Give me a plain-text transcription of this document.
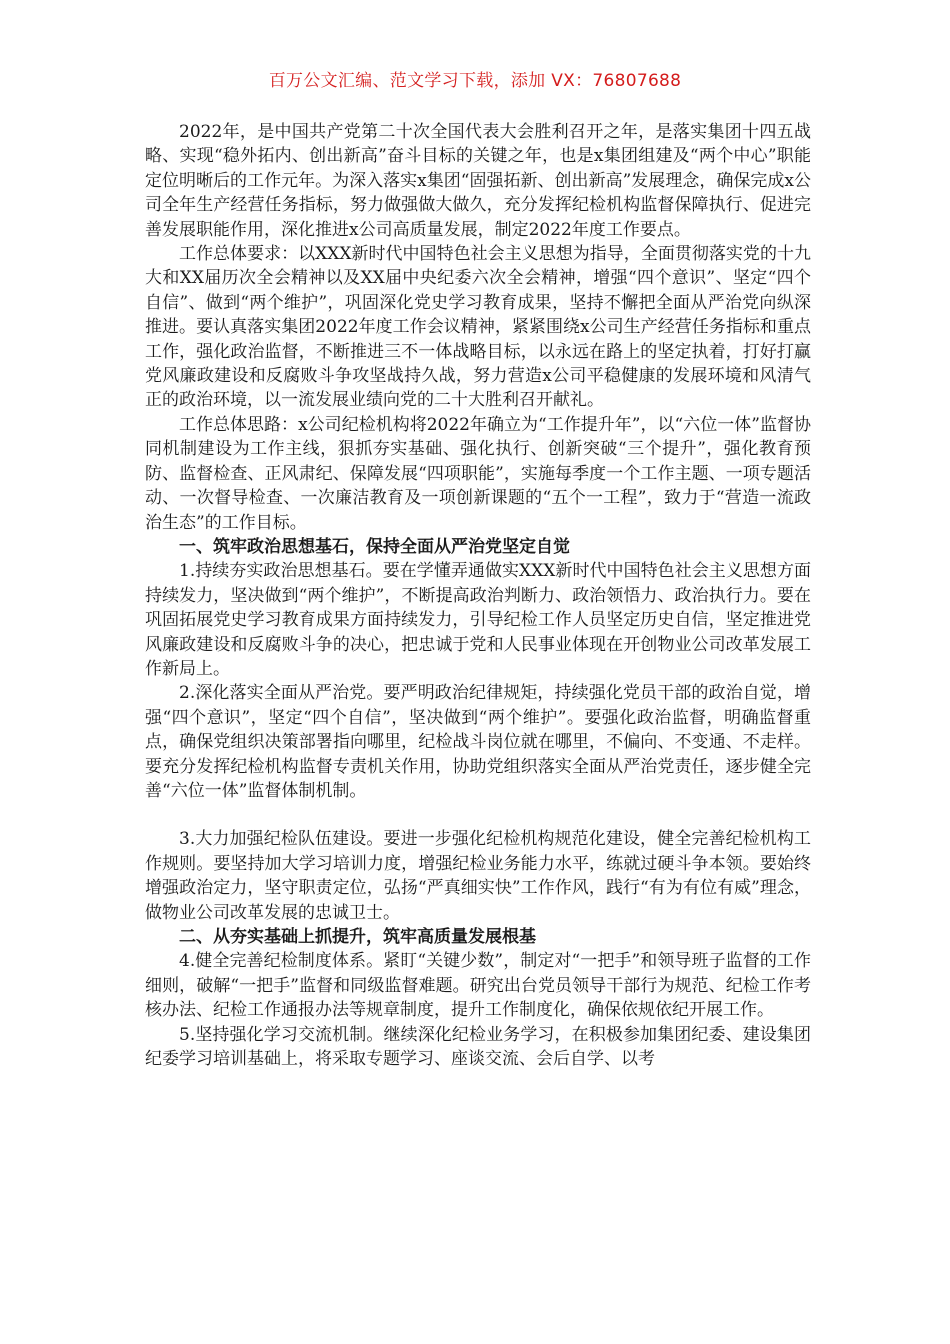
百万公文汇编、范文学习下载，添加 VX：76807688

2022年，是中国共产党第二十次全国代表大会胜利召开之年，是落实集团十四五战略、实现“稳外拓内、创出新高”奋斗目标的关键之年，也是x集团组建及“两个中心”职能定位明晰后的工作元年。为深入落实x集团“固强拓新、创出新高”发展理念，确保完成x公司全年生产经营任务指标，努力做强做大做久，充分发挥纪检机构监督保障执行、促进完善发展职能作用，深化推进x公司高质量发展，制定2022年度工作要点。

工作总体要求：以XXX新时代中国特色社会主义思想为指导，全面贯彻落实党的十九大和XX届历次全会精神以及XX届中央纪委六次全会精神，增强“四个意识”、坚定“四个自信”、做到“两个维护”，巩固深化党史学习教育成果，坚持不懈把全面从严治党向纵深推进。要认真落实集团2022年度工作会议精神，紧紧围绕x公司生产经营任务指标和重点工作，强化政治监督，不断推进三不一体战略目标，以永远在路上的坚定执着，打好打赢党风廉政建设和反腐败斗争攻坚战持久战，努力营造x公司平稳健康的发展环境和风清气正的政治环境，以一流发展业绩向党的二十大胜利召开献礼。

工作总体思路：x公司纪检机构将2022年确立为“工作提升年”，以“六位一体”监督协同机制建设为工作主线，狠抓夯实基础、强化执行、创新突破“三个提升”，强化教育预防、监督检查、正风肃纪、保障发展“四项职能”，实施每季度一个工作主题、一项专题活动、一次督导检查、一次廉洁教育及一项创新课题的“五个一工程”，致力于“营造一流政治生态”的工作目标。

一、筑牢政治思想基石，保持全面从严治党坚定自觉

1.持续夯实政治思想基石。要在学懂弄通做实XXX新时代中国特色社会主义思想方面持续发力，坚决做到“两个维护”，不断提高政治判断力、政治领悟力、政治执行力。要在巩固拓展党史学习教育成果方面持续发力，引导纪检工作人员坚定历史自信，坚定推进党风廉政建设和反腐败斗争的决心，把忠诚于党和人民事业体现在开创物业公司改革发展工作新局上。

2.深化落实全面从严治党。要严明政治纪律规矩，持续强化党员干部的政治自觉，增强“四个意识”，坚定“四个自信”，坚决做到“两个维护”。要强化政治监督，明确监督重点，确保党组织决策部署指向哪里，纪检战斗岗位就在哪里，不偏向、不变通、不走样。要充分发挥纪检机构监督专责机关作用，协助党组织落实全面从严治党责任，逐步健全完善“六位一体”监督体制机制。

3.大力加强纪检队伍建设。要进一步强化纪检机构规范化建设，健全完善纪检机构工作规则。要坚持加大学习培训力度，增强纪检业务能力水平，练就过硬斗争本领。要始终增强政治定力，坚守职责定位，弘扬“严真细实快”工作作风，践行“有为有位有威”理念，做物业公司改革发展的忠诚卫士。

二、从夯实基础上抓提升，筑牢高质量发展根基

4.健全完善纪检制度体系。紧盯“关键少数”，制定对“一把手”和领导班子监督的工作细则，破解“一把手”监督和同级监督难题。研究出台党员领导干部行为规范、纪检工作考核办法、纪检工作通报办法等规章制度，提升工作制度化，确保依规依纪开展工作。

5.坚持强化学习交流机制。继续深化纪检业务学习，在积极参加集团纪委、建设集团纪委学习培训基础上，将采取专题学习、座谈交流、会后自学、以考
